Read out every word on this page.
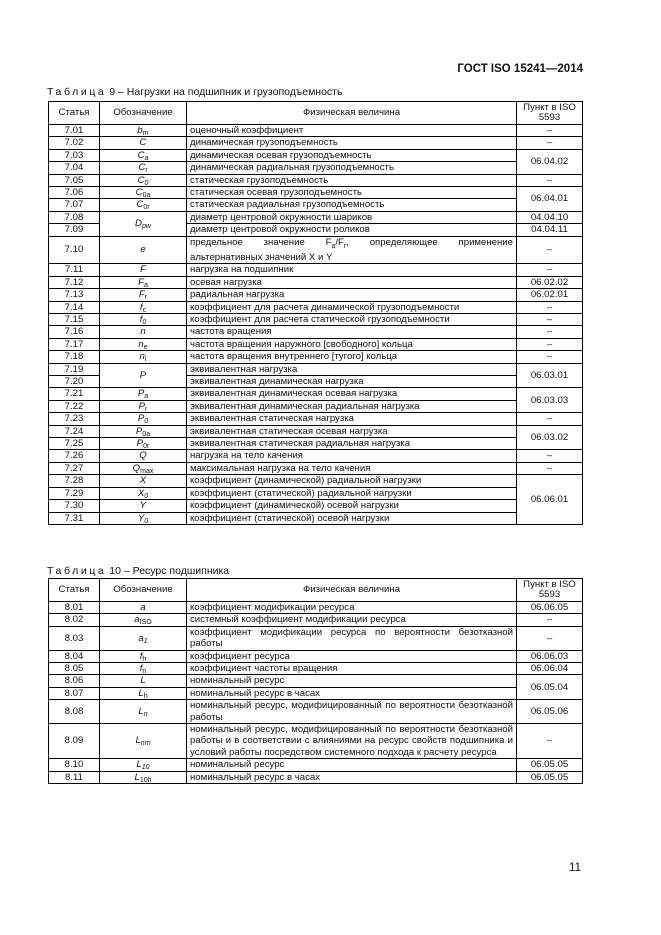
ГОСТ ISO 15241—2014
Таблица 9 – Нагрузки на подшипник и грузоподъемность
Статья	Обозначение	Физическая величина	Пункт в ISO 5593
7.01	$b_m$	оценочный коэффициент	–
7.02	C	динамическая грузоподъемность	–
7.03	$C_a$	динамическая осевая грузоподъемность	06.04.02
7.04	$C_r$	динамическая радиальная грузоподъемность	
7.05	$C_0$	статическая грузоподъемность	–
7.06	$C_{0a}$	статическая осевая грузоподъемность	06.04.01
7.07	$C_{0r}$	статическая радиальная грузоподъемность	
7.08	$D_{pw}$	диаметр центровой окружности шариков	04.04.10
7.09		диаметр центровой окружности роликов	04.04.11
7.10	e	предельное значение $F_a/F_r$, определяющее применение альтернативных значений X и Y	–
7.11	F	нагрузка на подшипник	–
7.12	$F_a$	осевая нагрузка	06.02.02
7.13	$F_r$	радиальная нагрузка	06.02.01
7.14	$f_c$	коэффициент для расчета динамической грузоподъемности	–
7.15	$f_0$	коэффициент для расчета статической грузоподъемности	–
7.16	n	частота вращения	–
7.17	$n_e$	частота вращения наружного [свободного] кольца	–
7.18	$n_i$	частота вращения внутреннего [тугого] кольца	–
7.19	P	эквивалентная нагрузка	06.03.01
7.20		эквивалентная динамическая нагрузка	
7.21	$P_a$	эквивалентная динамическая осевая нагрузка	06.03.03
7.22	$P_r$	эквивалентная динамическая радиальная нагрузка	
7.23	$P_0$	эквивалентная статическая нагрузка	–
7.24	$P_{0a}$	эквивалентная статическая осевая нагрузка	06.03.02
7.25	$P_{0r}$	эквивалентная статическая радиальная нагрузка	
7.26	Q	нагрузка на тело качения	–
7.27	$Q_{max}$	максимальная нагрузка на тело качения	–
7.28	X	коэффициент (динамической) радиальной нагрузки	06.06.01
7.29	$X_0$	коэффициент (статической) радиальной нагрузки	
7.30	Y	коэффициент (динамической) осевой нагрузки	
7.31	$Y_0$	коэффициент (статической) осевой нагрузки	
Таблица 10 – Ресурс подшипника
Статья	Обозначение	Физическая величина	Пункт в ISO 5593
8.01	a	коэффициент модификации ресурса	06.06.05
8.02	$a_{ISO}$	системный коэффициент модификации ресурса	–
8.03	$a_1$	коэффициент модификации ресурса по вероятности безотказной работы	–
8.04	$f_h$	коэффициент ресурса	06.06.03
8.05	$f_n$	коэффициент частоты вращения	06.06.04
8.06	L	номинальный ресурс	06.05.04
8.07	$L_h$	номинальный ресурс в часах	
8.08	$L_n$	номинальный ресурс, модифицированный по вероятности безотказной работы	06.05.06
8.09	$L_{nm}$	номинальный ресурс, модифицированный по вероятности безотказной работы и в соответствии с влияниями на ресурс свойств подшипника и условий работы посредством системного подхода к расчету ресурса	–
8.10	$L_{10}$	номинальный ресурс	06.05.05
8.11	$L_{10h}$	номинальный ресурс в часах	06.05.05
11
